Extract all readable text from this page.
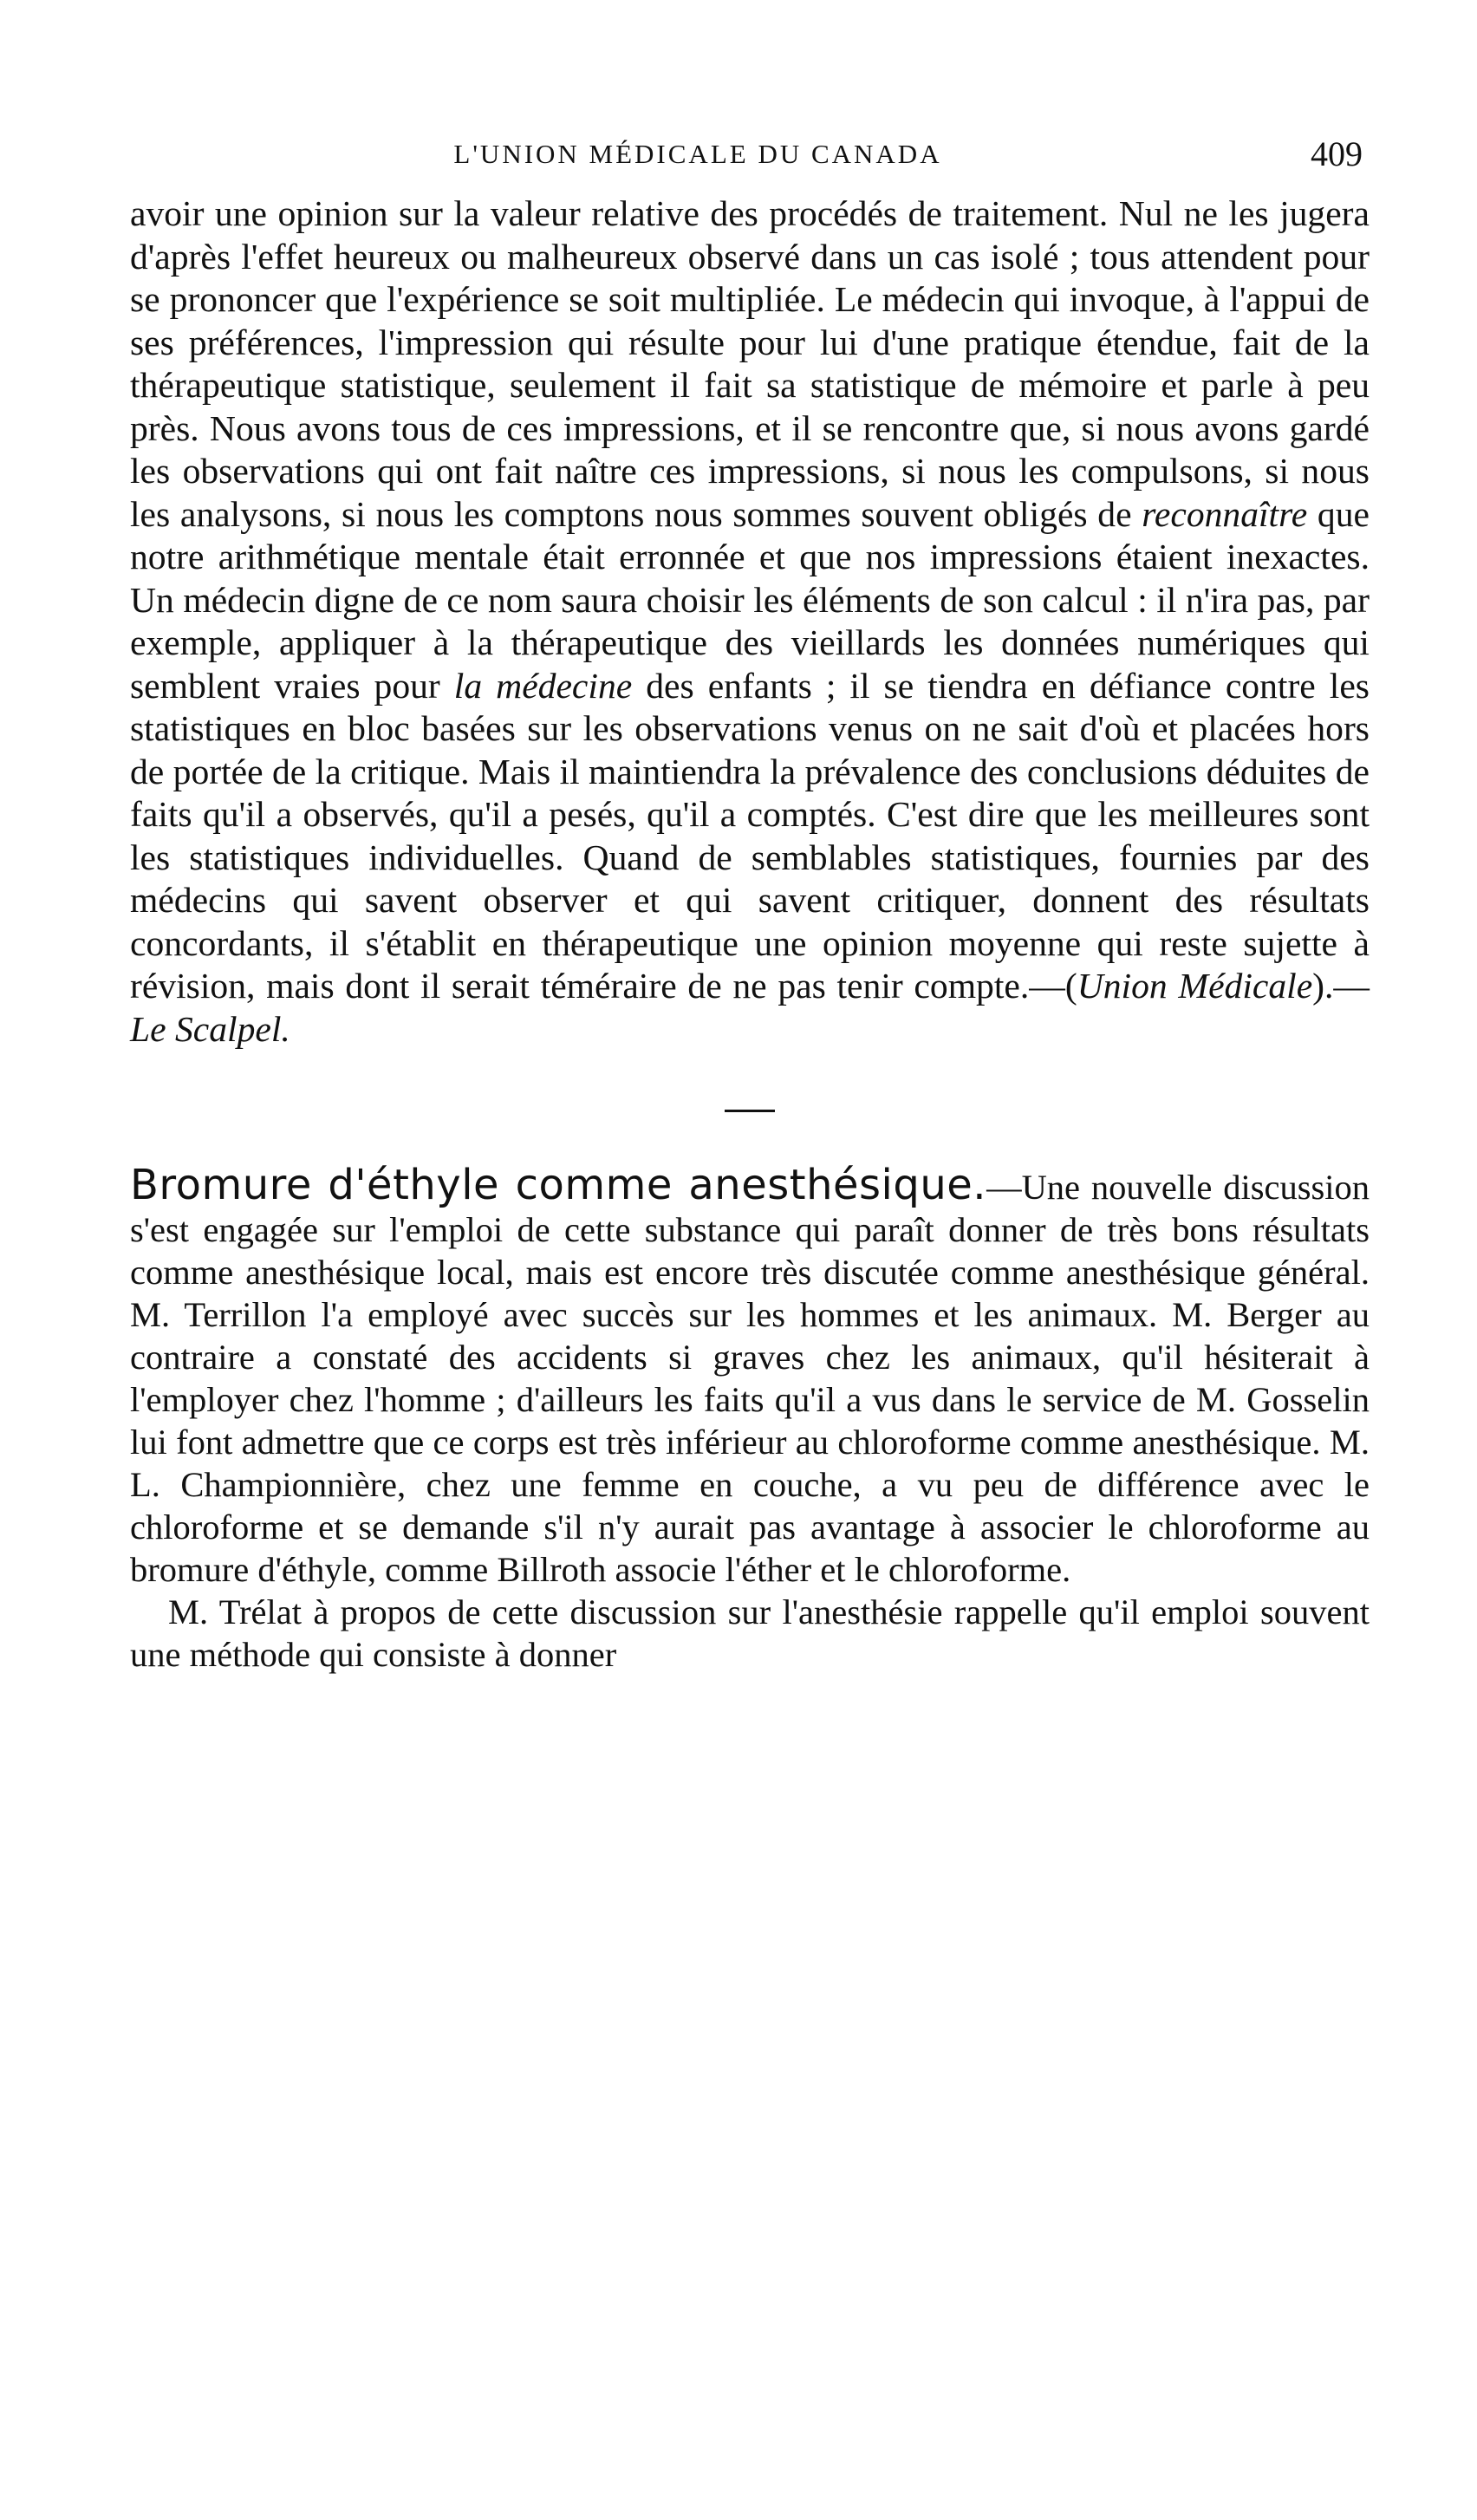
L'UNION MÉDICALE DU CANADA	409

avoir une opinion sur la valeur relative des procédés de traitement. Nul ne les jugera d'après l'effet heureux ou malheureux observé dans un cas isolé ; tous attendent pour se prononcer que l'expérience se soit multipliée. Le médecin qui invoque, à l'appui de ses préférences, l'impression qui résulte pour lui d'une pratique étendue, fait de la thérapeutique statistique, seulement il fait sa statistique de mémoire et parle à peu près. Nous avons tous de ces impressions, et il se rencontre que, si nous avons gardé les observations qui ont fait naître ces impressions, si nous les compulsons, si nous les analysons, si nous les comptons nous sommes souvent obligés de reconnaître que notre arithmétique mentale était erronnée et que nos impressions étaient inexactes. Un médecin digne de ce nom saura choisir les éléments de son calcul : il n'ira pas, par exemple, appliquer à la thérapeutique des vieillards les données numériques qui semblent vraies pour la médecine des enfants ; il se tiendra en défiance contre les statistiques en bloc basées sur les observations venus on ne sait d'où et placées hors de portée de la critique. Mais il maintiendra la prévalence des conclusions déduites de faits qu'il a observés, qu'il a pesés, qu'il a comptés. C'est dire que les meilleures sont les statistiques individuelles. Quand de semblables statistiques, fournies par des médecins qui savent observer et qui savent critiquer, donnent des résultats concordants, il s'établit en thérapeutique une opinion moyenne qui reste sujette à révision, mais dont il serait téméraire de ne pas tenir compte.—(Union Médicale).—Le Scalpel.

Bromure d'éthyle comme anesthésique.—Une nouvelle discussion s'est engagée sur l'emploi de cette substance qui paraît donner de très bons résultats comme anesthésique local, mais est encore très discutée comme anesthésique général. M. Terrillon l'a employé avec succès sur les hommes et les animaux. M. Berger au contraire a constaté des accidents si graves chez les animaux, qu'il hésiterait à l'employer chez l'homme ; d'ailleurs les faits qu'il a vus dans le service de M. Gosselin lui font admettre que ce corps est très inférieur au chloroforme comme anesthésique. M. L. Championnière, chez une femme en couche, a vu peu de différence avec le chloroforme et se demande s'il n'y aurait pas avantage à associer le chloroforme au bromure d'éthyle, comme Billroth associe l'éther et le chloroforme.

M. Trélat à propos de cette discussion sur l'anesthésie rappelle qu'il emploi souvent une méthode qui consiste à donner
